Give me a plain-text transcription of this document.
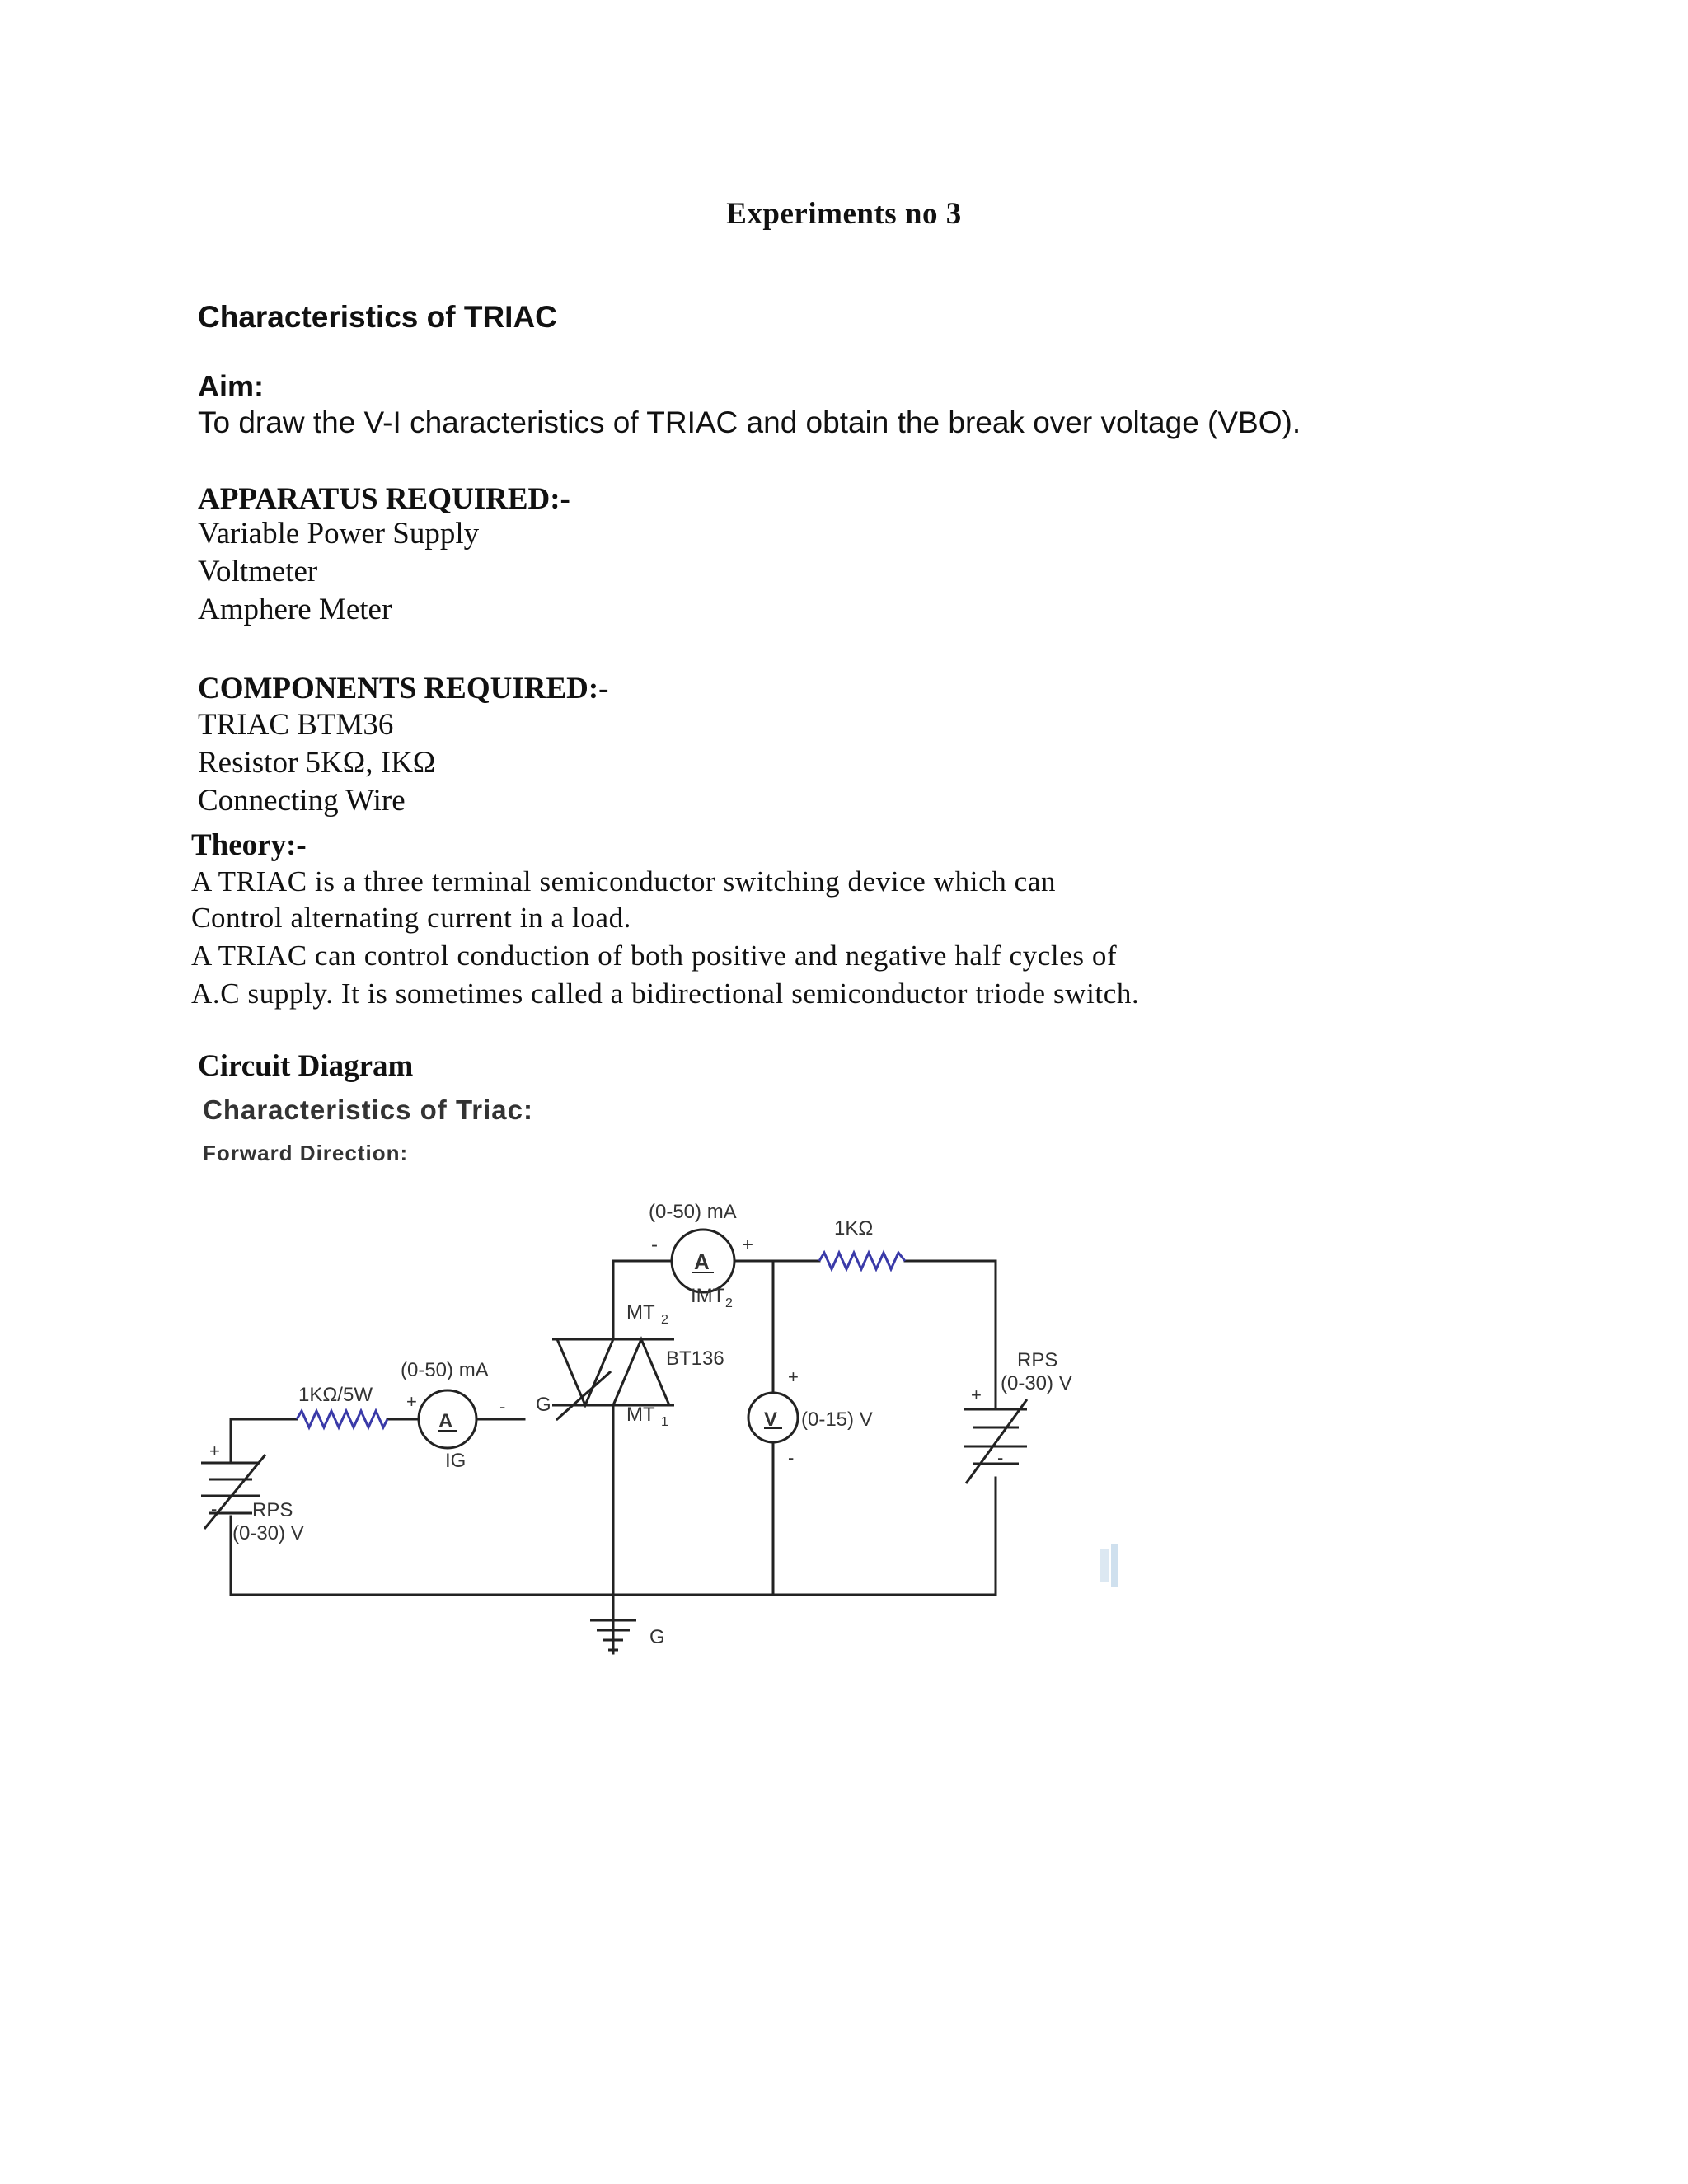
Experiments no 3
Characteristics of TRIAC
Aim:
To draw the V-I characteristics of TRIAC and obtain the break over voltage (VBO).
APPARATUS REQUIRED:-
Variable Power Supply
Voltmeter
Amphere Meter
COMPONENTS REQUIRED:-
TRIAC BTM36
Resistor 5KΩ, IKΩ
Connecting Wire
Theory:-
A TRIAC is a three terminal semiconductor switching device which can
Control alternating current in a load.
A TRIAC can control conduction of both positive and negative half cycles of
A.C supply. It is sometimes called a bidirectional semiconductor triode switch.
Circuit Diagram
Characteristics of Triac:
Forward Direction:
(0-50) mA
-	+
A
IMT 2
1KΩ
MT 2
BT136
MT 1
G
(0-50) mA
+	-
A
IG
1KΩ/5W
V (0-15) V
+
-
RPS
(0-30) V
+
-
RPS
(0-30) V
+
-
G
